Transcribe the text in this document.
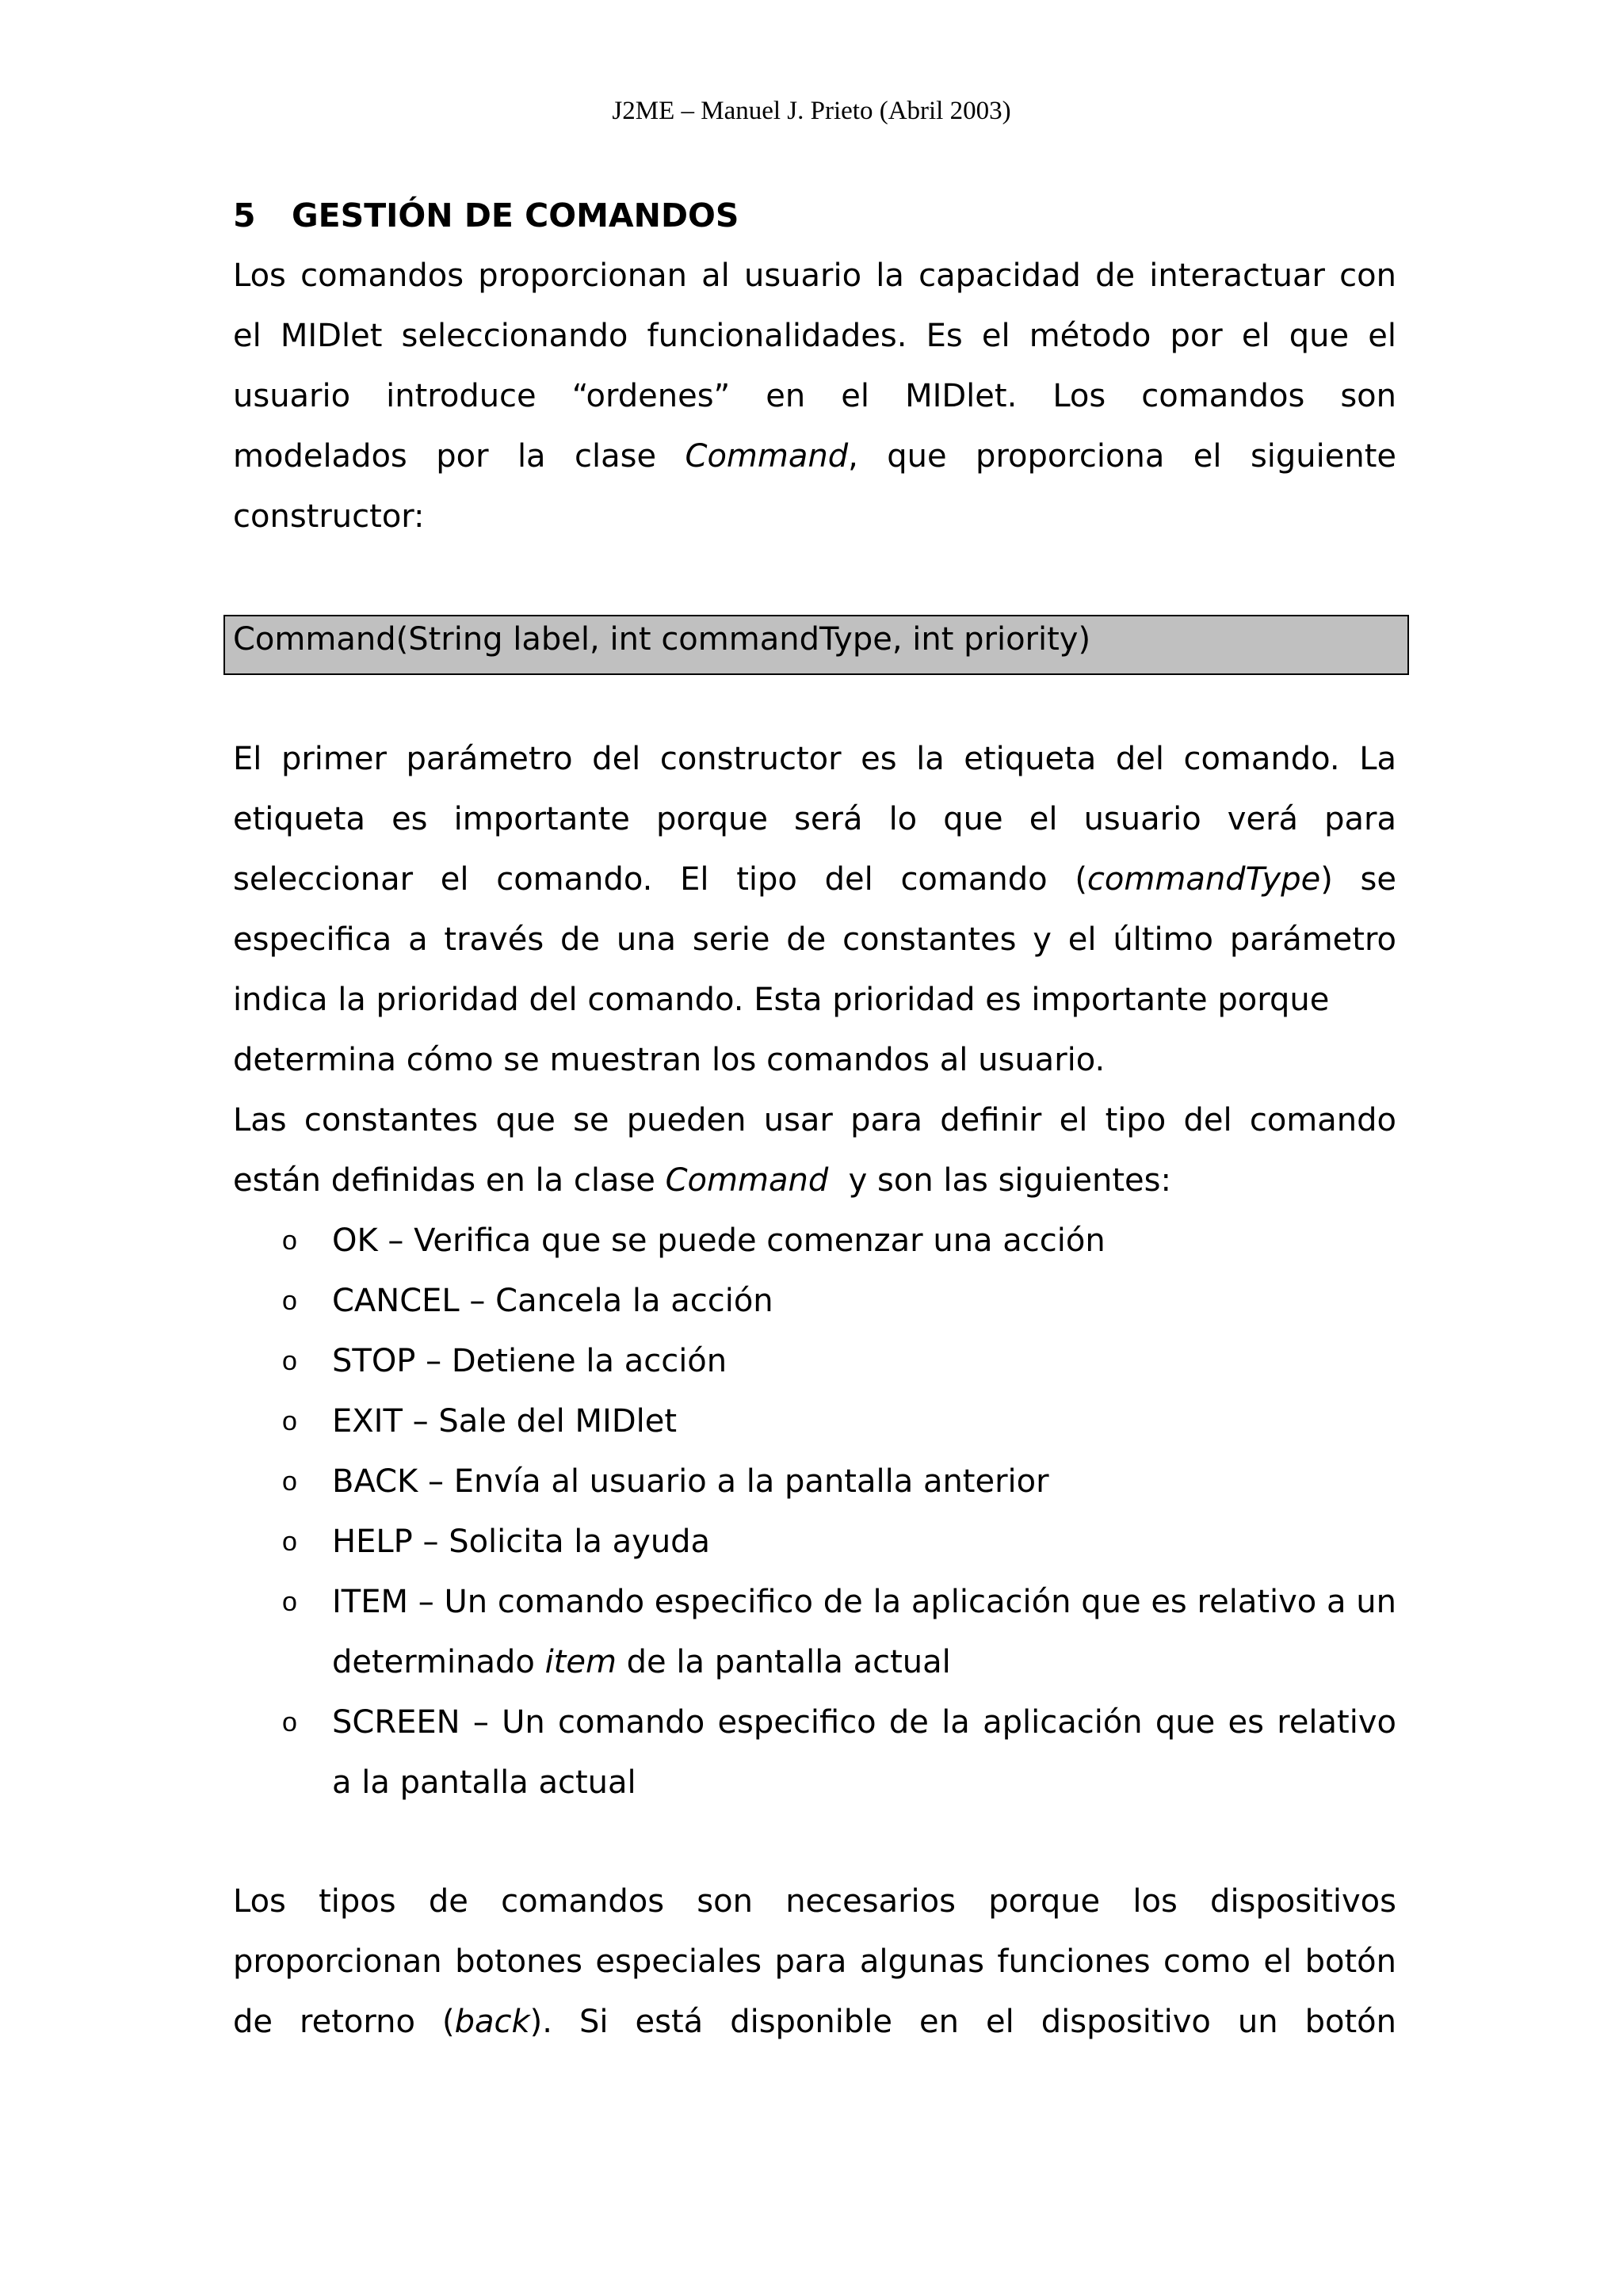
J2ME – Manuel J. Prieto (Abril 2003)
5 GESTIÓN DE COMANDOS

Los comandos proporcionan al usuario la capacidad de interactuar con

el MIDlet seleccionando funcionalidades. Es el método por el que el

usuario introduce “ordenes” en el MIDlet. Los comandos son

modelados por la clase Command, que proporciona el siguiente

constructor:

Command(String label, int commandType, int priority)

El primer parámetro del constructor es la etiqueta del comando. La etiqueta es importante porque será lo que el usuario verá para seleccionar el comando. El tipo del comando (commandType) se especifica a través de una serie de constantes y el último parámetro indica la prioridad del comando. Esta prioridad es importante porque

determina cómo se muestran los comandos al usuario.

Las constantes que se pueden usar para definir el tipo del comando

están definidas en la clase Command  y son las siguientes:

o OK – Verifica que se puede comenzar una acción
o CANCEL – Cancela la acción
o STOP – Detiene la acción
o EXIT – Sale del MIDlet
o BACK – Envía al usuario a la pantalla anterior
o HELP – Solicita la ayuda
o ITEM – Un comando especifico de la aplicación que es relativo a un determinado item de la pantalla actual
o SCREEN – Un comando especifico de la aplicación que es relativo a la pantalla actual

Los tipos de comandos son necesarios porque los dispositivos proporcionan botones especiales para algunas funciones como el botón de retorno (back). Si está disponible en el dispositivo un botón
